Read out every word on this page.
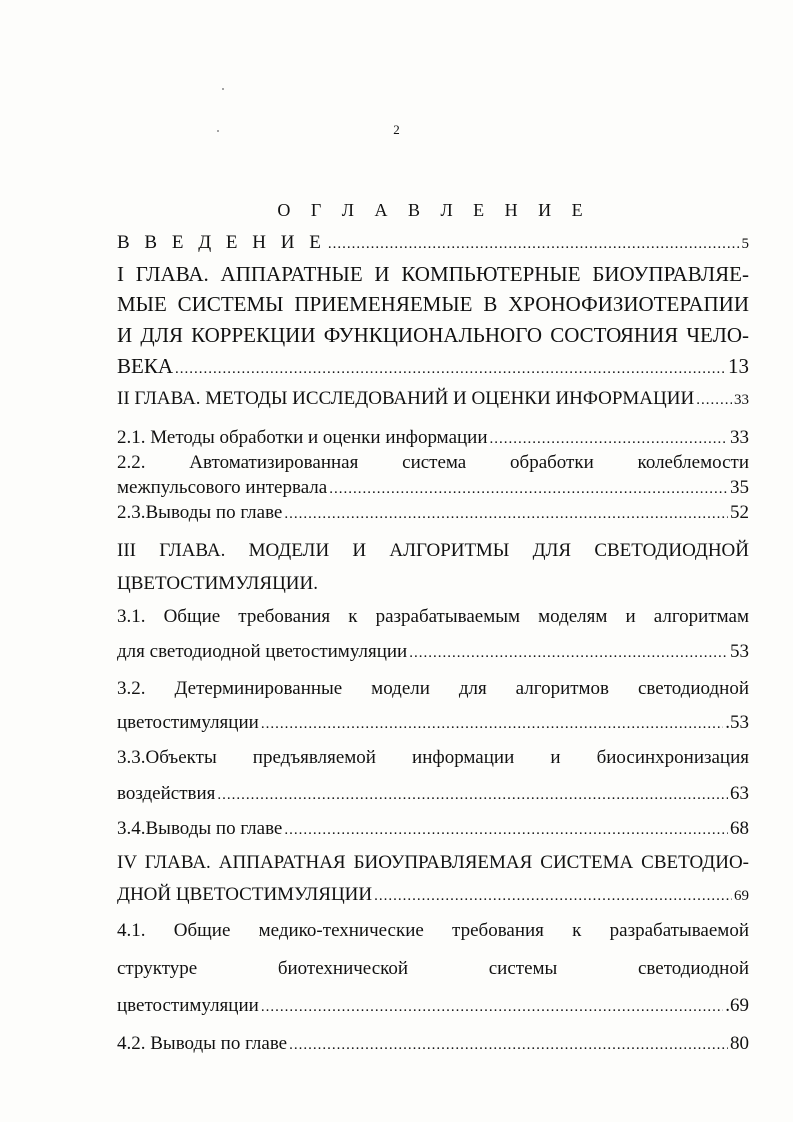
2
О Г Л А В Л Е Н И Е
В В Е Д Е Н И Е .....	5
I ГЛАВА. АППАРАТНЫЕ И КОМПЬЮТЕРНЫЕ БИОУПРАВЛЯЕ-
МЫЕ СИСТЕМЫ ПРИЕМЕНЯЕМЫЕ В ХРОНОФИЗИОТЕРАПИИ
И ДЛЯ КОРРЕКЦИИ ФУНКЦИОНАЛЬНОГО СОСТОЯНИЯ ЧЕЛО-
ВЕКА .....	13
II ГЛАВА. МЕТОДЫ ИССЛЕДОВАНИЙ И ОЦЕНКИ ИНФОРМАЦИИ .....	33
2.1. Методы обработки и оценки информации .....	33
2.2. Автоматизированная система обработки колеблемости
межпульсового интервала .....	35
2.3.Выводы по главе .....	52
III ГЛАВА. МОДЕЛИ И АЛГОРИТМЫ ДЛЯ СВЕТОДИОДНОЙ
ЦВЕТОСТИМУЛЯЦИИ.
3.1. Общие требования к разрабатываемым моделям и алгоритмам
для светодиодной цветостимуляции .....	53
3.2. Детерминированные модели для алгоритмов светодиодной
цветостимуляции .....	.53
3.3.Объекты предъявляемой информации и биосинхронизация
воздействия .....	63
3.4.Выводы по главе .....	68
IV ГЛАВА. АППАРАТНАЯ БИОУПРАВЛЯЕМАЯ СИСТЕМА СВЕТОДИО-
ДНОЙ ЦВЕТОСТИМУЛЯЦИИ .....	69
4.1. Общие медико-технические требования к разрабатываемой
структуре биотехнической системы светодиодной
цветостимуляции .....	.69
4.2. Выводы по главе .....	80
